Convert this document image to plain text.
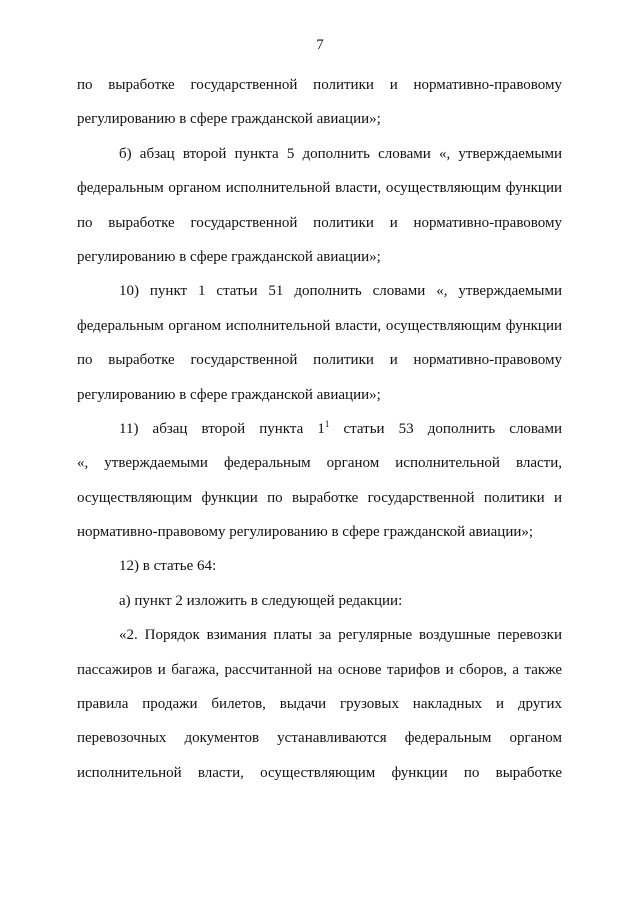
7
по выработке государственной политики и нормативно-правовому
регулированию в сфере гражданской авиации»;
б) абзац второй пункта 5 дополнить словами «, утверждаемыми
федеральным органом исполнительной власти, осуществляющим функции
по выработке государственной политики и нормативно-правовому
регулированию в сфере гражданской авиации»;
10) пункт 1 статьи 51 дополнить словами «, утверждаемыми
федеральным органом исполнительной власти, осуществляющим функции
по выработке государственной политики и нормативно-правовому
регулированию в сфере гражданской авиации»;
11) абзац второй пункта $1^1$ статьи 53 дополнить словами
«, утверждаемыми федеральным органом исполнительной власти,
осуществляющим функции по выработке государственной политики и
нормативно-правовому регулированию в сфере гражданской авиации»;
12) в статье 64:
а) пункт 2 изложить в следующей редакции:
«2. Порядок взимания платы за регулярные воздушные перевозки
пассажиров и багажа, рассчитанной на основе тарифов и сборов, а также
правила продажи билетов, выдачи грузовых накладных и других
перевозочных документов устанавливаются федеральным органом
исполнительной власти, осуществляющим функции по выработке
